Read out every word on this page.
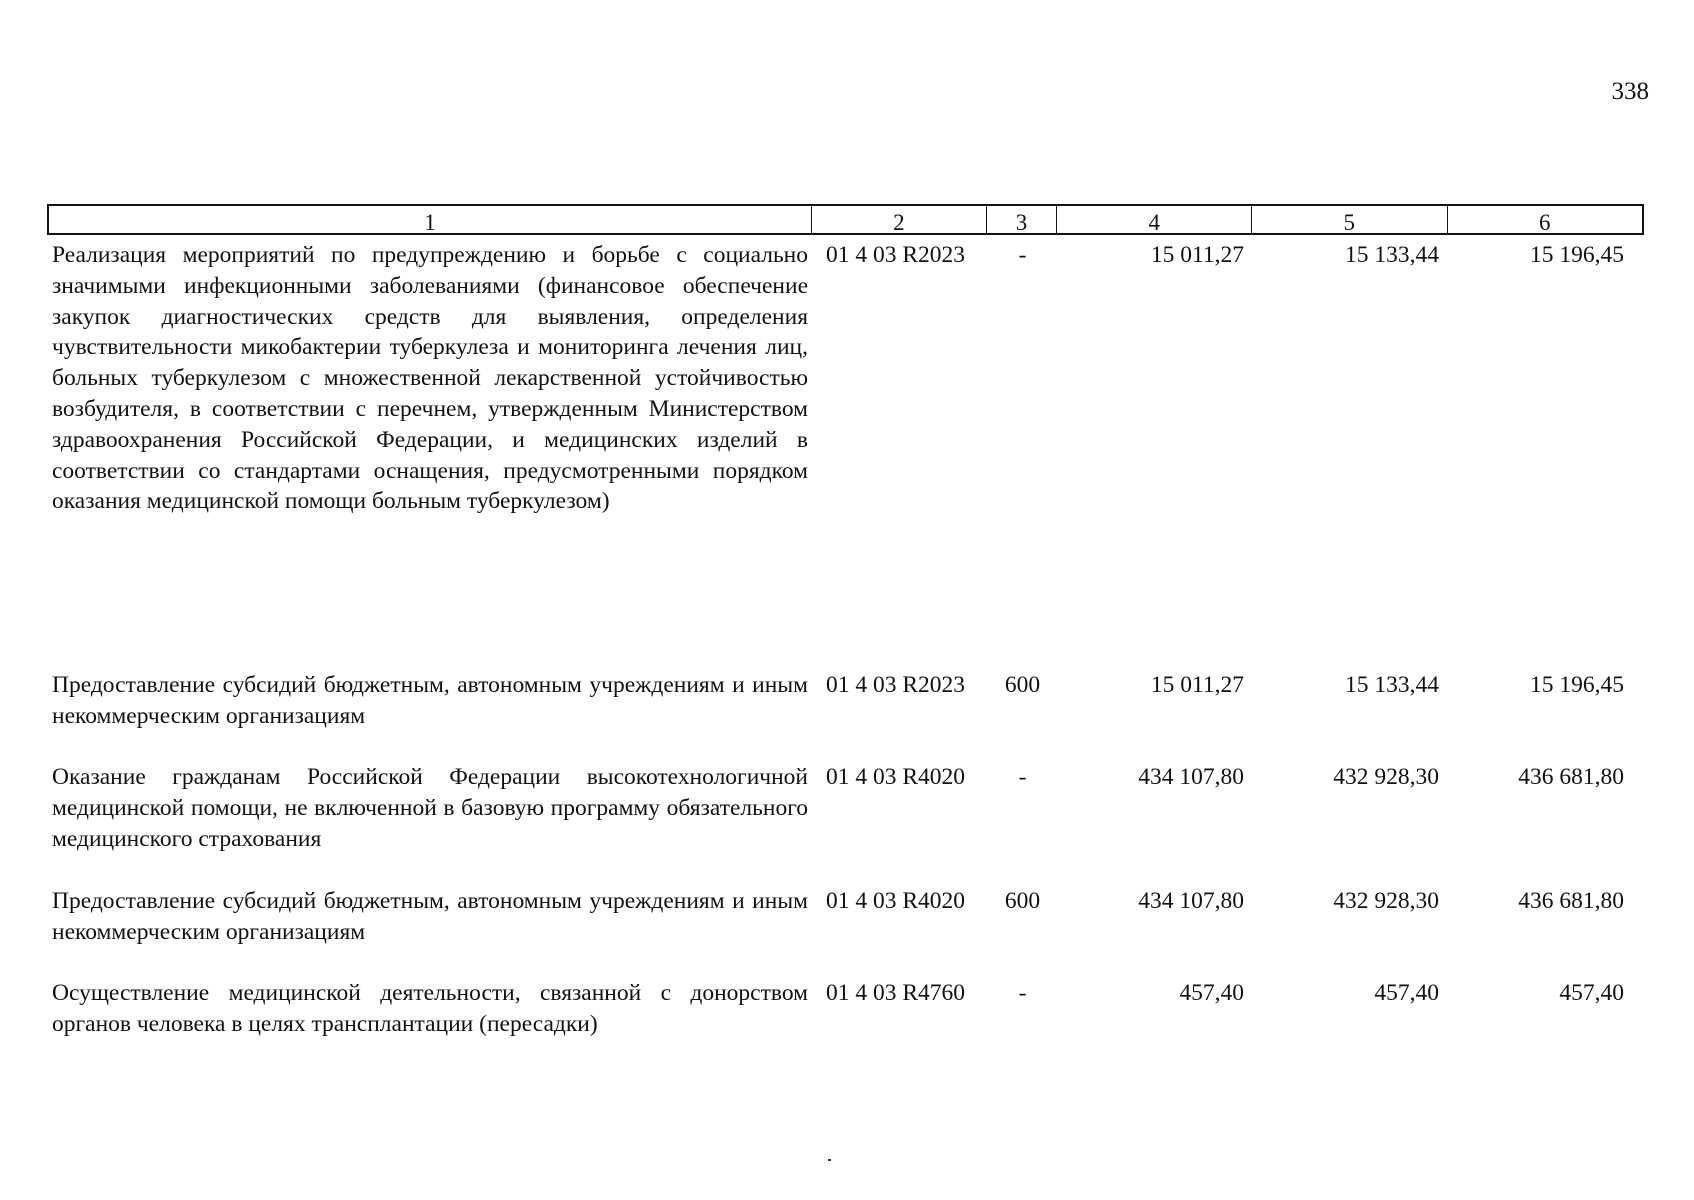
338
1	2	3	4	5	6
Реализация мероприятий по предупреждению и борьбе с социально значимыми инфекционными заболеваниями (финансовое обеспечение закупок диагностических средств для выявления, определения чувствительности микобактерии туберкулеза и мониторинга лечения лиц, больных туберкулезом с множественной лекарственной устойчивостью возбудителя, в соответствии с перечнем, утвержденным Министерством здравоохранения Российской Федерации, и медицинских изделий в соответствии со стандартами оснащения, предусмотренными порядком оказания медицинской помощи больным туберкулезом)
01 4 03 R2023	-	15 011,27	15 133,44	15 196,45
Предоставление субсидий бюджетным, автономным учреждениям и иным некоммерческим организациям
01 4 03 R2023	600	15 011,27	15 133,44	15 196,45
Оказание гражданам Российской Федерации высокотехнологичной медицинской помощи, не включенной в базовую программу обязательного медицинского страхования
01 4 03 R4020	-	434 107,80	432 928,30	436 681,80
Предоставление субсидий бюджетным, автономным учреждениям и иным некоммерческим организациям
01 4 03 R4020	600	434 107,80	432 928,30	436 681,80
Осуществление медицинской деятельности, связанной с донорством органов человека в целях трансплантации (пересадки)
01 4 03 R4760	-	457,40	457,40	457,40
